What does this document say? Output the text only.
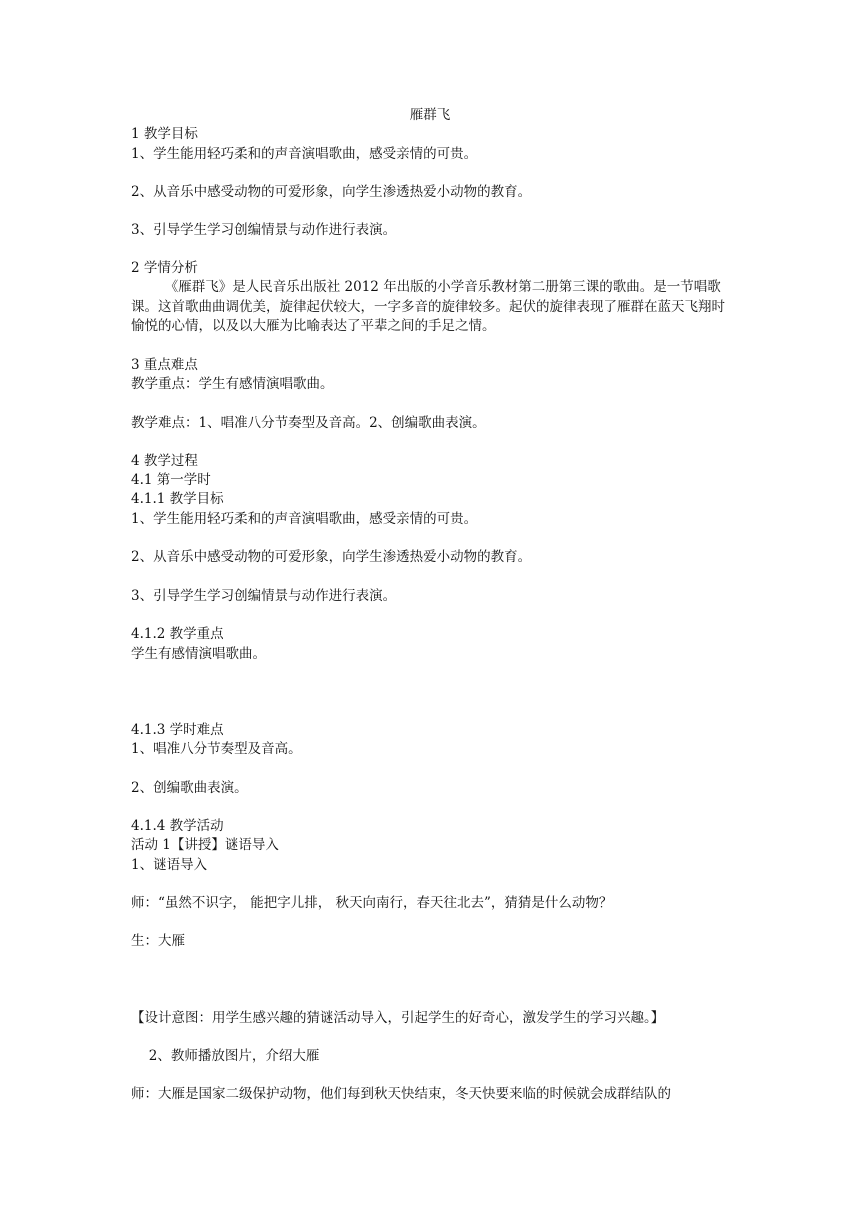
雁群飞
1 教学目标
1、学生能用轻巧柔和的声音演唱歌曲，感受亲情的可贵。
2、从音乐中感受动物的可爱形象，向学生渗透热爱小动物的教育。
3、引导学生学习创编情景与动作进行表演。
2 学情分析
　　　《雁群飞》是人民音乐出版社 2012 年出版的小学音乐教材第二册第三课的歌曲。是一节唱歌课。这首歌曲曲调优美，旋律起伏较大，一字多音的旋律较多。起伏的旋律表现了雁群在蓝天飞翔时愉悦的心情，以及以大雁为比喻表达了平辈之间的手足之情。
3 重点难点
教学重点：学生有感情演唱歌曲。
教学难点：1、唱准八分节奏型及音高。2、创编歌曲表演。
4 教学过程
4.1 第一学时
4.1.1 教学目标
1、学生能用轻巧柔和的声音演唱歌曲，感受亲情的可贵。
2、从音乐中感受动物的可爱形象，向学生渗透热爱小动物的教育。
3、引导学生学习创编情景与动作进行表演。
4.1.2 教学重点
学生有感情演唱歌曲。
4.1.3 学时难点
1、唱准八分节奏型及音高。
2、创编歌曲表演。
4.1.4 教学活动
活动 1【讲授】谜语导入
1、谜语导入
师：“虽然不识字， 能把字儿排， 秋天向南行，春天往北去”，猜猜是什么动物？
生：大雁
【设计意图：用学生感兴趣的猜谜活动导入，引起学生的好奇心，激发学生的学习兴趣。】
　 2、教师播放图片，介绍大雁
师：大雁是国家二级保护动物，他们每到秋天快结束，冬天快要来临的时候就会成群结队的
